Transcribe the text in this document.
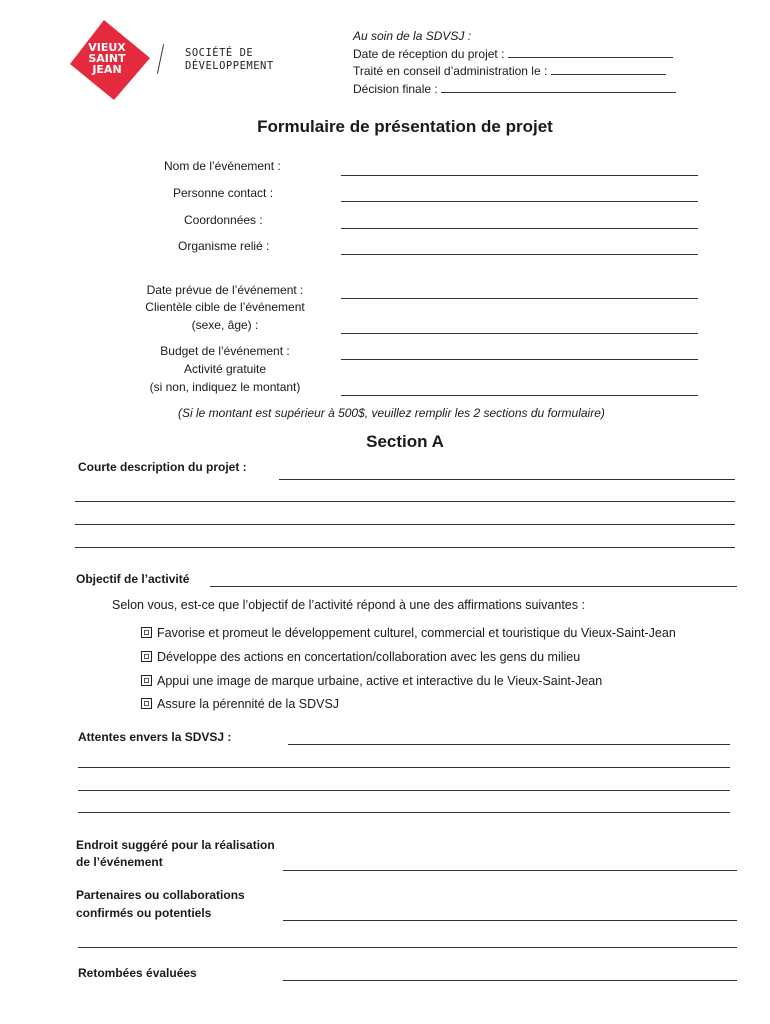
VIEUX
SAINT
JEAN
SOCIÉTÉ DE
DÉVELOPPEMENT
Au soin de la SDVSJ :
Date de réception du projet :
Traité en conseil d’administration le :
Décision finale :
Formulaire de présentation de projet
Nom de l’événement :
Personne contact :
Coordonnées :
Organisme relié :
Date prévue de l’événement :
Clientèle cible de l’événement
(sexe, âge) :
Budget de l’événement :
Activité gratuite
(si non, indiquez le montant)
(Si le montant est supérieur à 500$, veuillez remplir les 2 sections du formulaire)
Section A
Courte description du projet :
Objectif de l’activité
Selon vous, est-ce que l’objectif de l’activité répond à une des affirmations suivantes :
Favorise et promeut le développement culturel, commercial et touristique du Vieux-Saint-Jean
Développe des actions en concertation/collaboration avec les gens du milieu
Appui une image de marque urbaine, active et interactive du le Vieux-Saint-Jean
Assure la pérennité de la SDVSJ
Attentes envers la SDVSJ :
Endroit suggéré pour la réalisation
de l’événement
Partenaires ou collaborations
confirmés ou potentiels
Retombées évaluées
